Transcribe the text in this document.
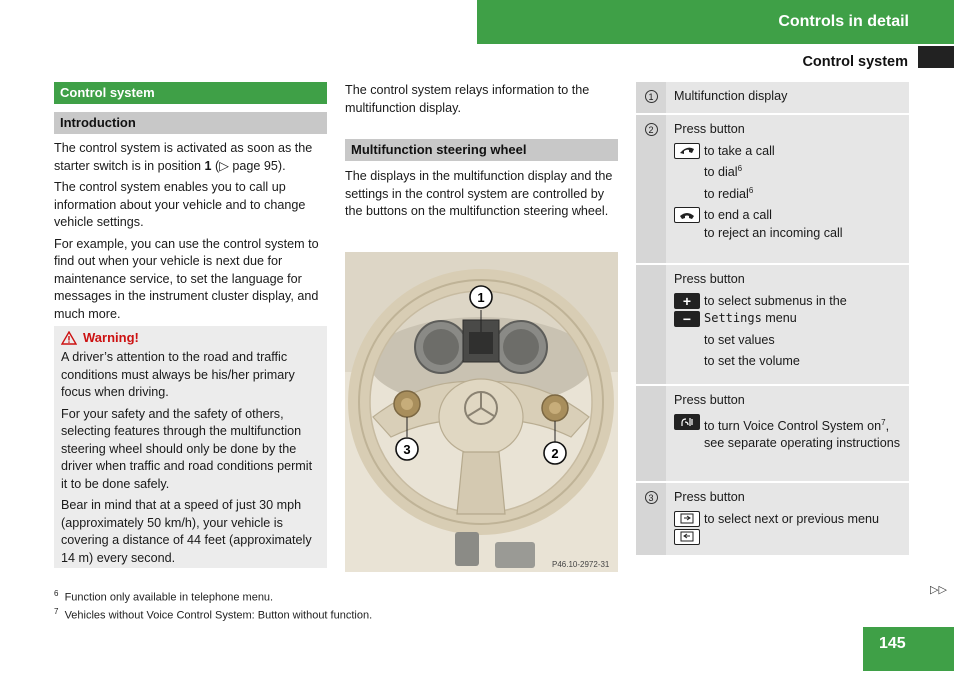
Controls in detail
Control system
Control system
Introduction

The control system is activated as soon as the starter switch is in position 1 (▷ page 95).

The control system enables you to call up information about your vehicle and to change vehicle settings.

For example, you can use the control system to find out when your vehicle is next due for maintenance service, to set the language for messages in the instrument cluster display, and much more.

Warning!

A driver’s attention to the road and traffic conditions must always be his/her primary focus when driving.

For your safety and the safety of others, selecting features through the multifunction steering wheel should only be done by the driver when traffic and road conditions permit it to be done safely.

Bear in mind that at a speed of just 30 mph (approximately 50 km/h), your vehicle is covering a distance of 44 feet (approximately 14 m) every second.

The control system relays information to the multifunction display.

Multifunction steering wheel

The displays in the multifunction display and the settings in the control system are controlled by the buttons on the multifunction steering wheel.

1
3	2
P46.10-2972-31
1	Multifunction display
2	Press button
to take a call
to dial$^6$
to redial$^6$
to end a call
to reject an incoming call
Press button
+
−
to select submenus in the
Settings menu
to set values
to set the volume
Press button
to turn Voice Control System $on^7$, see separate operating instructions
3	Press button
to select next or previous menu
$^6$ Function only available in telephone menu.
$^7$ Vehicles without Voice Control System: Button without function.
▷▷
145
